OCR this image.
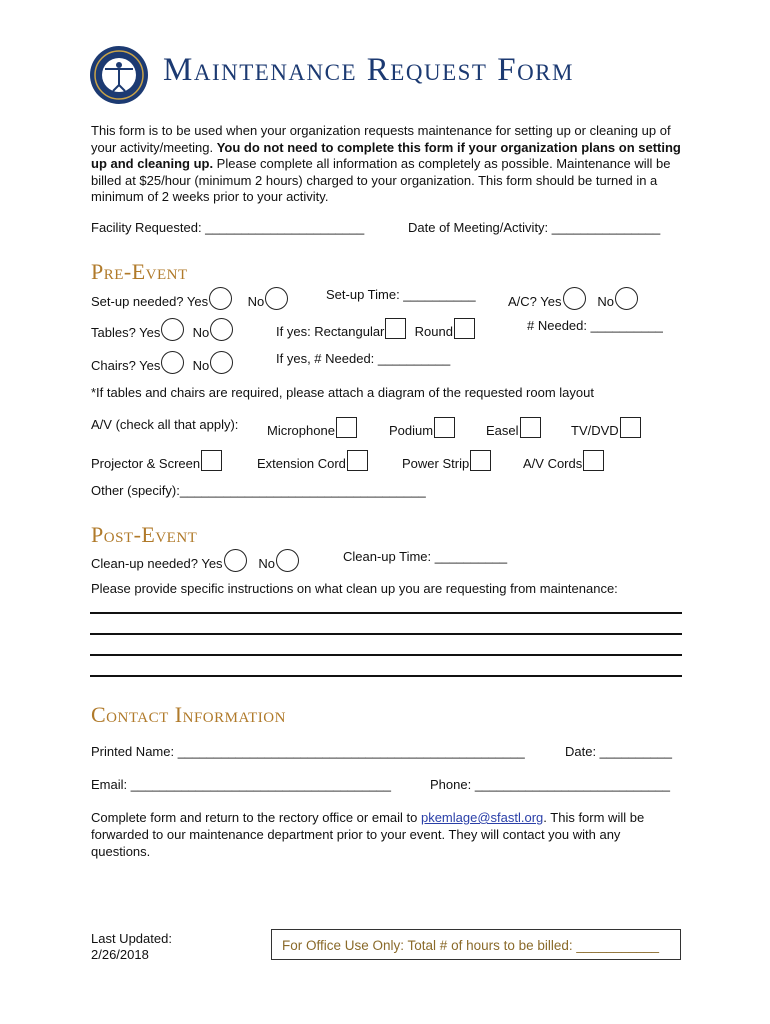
Maintenance Request Form
This form is to be used when your organization requests maintenance for setting up or cleaning up of your activity/meeting. You do not need to complete this form if your organization plans on setting up and cleaning up. Please complete all information as completely as possible. Maintenance will be billed at $25/hour (minimum 2 hours) charged to your organization. This form should be turned in a minimum of 2 weeks prior to your activity.
Facility Requested: ______________________	Date of Meeting/Activity: _______________
Pre-Event
Set-up needed? Yes	No	Set-up Time: __________ A/C? Yes	No
Tables? Yes No	If yes: Rectangular Round	# Needed: __________
Chairs? Yes No	If yes, # Needed: __________
*If tables and chairs are required, please attach a diagram of the requested room layout
A/V (check all that apply): Microphone	Podium	Easel	TV/DVD
Projector & Screen	Extension Cord	Power Strip	A/V Cords
Other (specify):__________________________________
Post-Event
Clean-up needed? Yes	No	Clean-up Time: __________
Please provide specific instructions on what clean up you are requesting from maintenance:
Contact Information
Printed Name: ________________________________________________	Date: __________
Email: ____________________________________	Phone: ___________________________
Complete form and return to the rectory office or email to pkemlage@sfastl.org. This form will be forwarded to our maintenance department prior to your event. They will contact you with any questions.
Last Updated:
2/26/2018
For Office Use Only: Total # of hours to be billed: ___________
